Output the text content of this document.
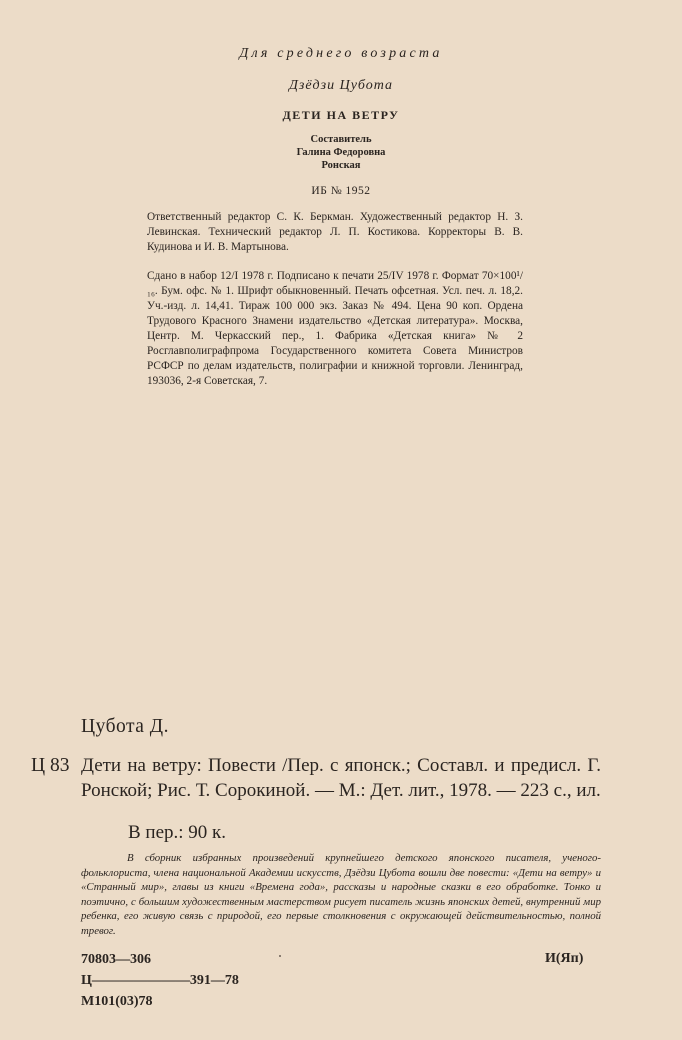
Для среднего возраста
Дзёдзи Цубота
ДЕТИ НА ВЕТРУ
Составитель
Галина Федоровна
Ронская
ИБ № 1952
Ответственный редактор С. К. Беркман. Художественный редактор Н. З. Левинская. Технический редактор Л. П. Костикова. Корректоры В. В. Кудинова и И. В. Мартынова.
Сдано в набор 12/I 1978 г. Подписано к печати 25/IV 1978 г. Формат 70×100¹/₁₆. Бум. офс. № 1. Шрифт обыкновенный. Печать офсетная. Усл. печ. л. 18,2. Уч.-изд. л. 14,41. Тираж 100 000 экз. Заказ № 494. Цена 90 коп. Ордена Трудового Красного Знамени издательство «Детская литература». Москва, Центр. М. Черкасский пер., 1. Фабрика «Детская книга» № 2 Росглавполиграфпрома Государственного комитета Совета Министров РСФСР по делам издательств, полиграфии и книжной торговли. Ленинград, 193036, 2-я Советская, 7.
Цубота Д.
Ц 83 Дети на ветру: Повести /Пер. с японск.; Составл. и предисл. Г. Ронской; Рис. Т. Сорокиной. — М.: Дет. лит., 1978. — 223 с., ил.
В пер.: 90 к.
В сборник избранных произведений крупнейшего детского японского писателя, ученого-фольклориста, члена национальной Академии искусств, Дзёдзи Цубота вошли две повести: «Дети на ветру» и «Странный мир», главы из книги «Времена года», рассказы и народные сказки в его обработке. Тонко и поэтично, с большим художественным мастерством рисует писатель жизнь японских детей, внутренний мир ребенка, его живую связь с природой, его первые столкновения с окружающей действительностью, полной тревог.
70803—306
Ц———————391—78
М101(03)78
И(Яп)
